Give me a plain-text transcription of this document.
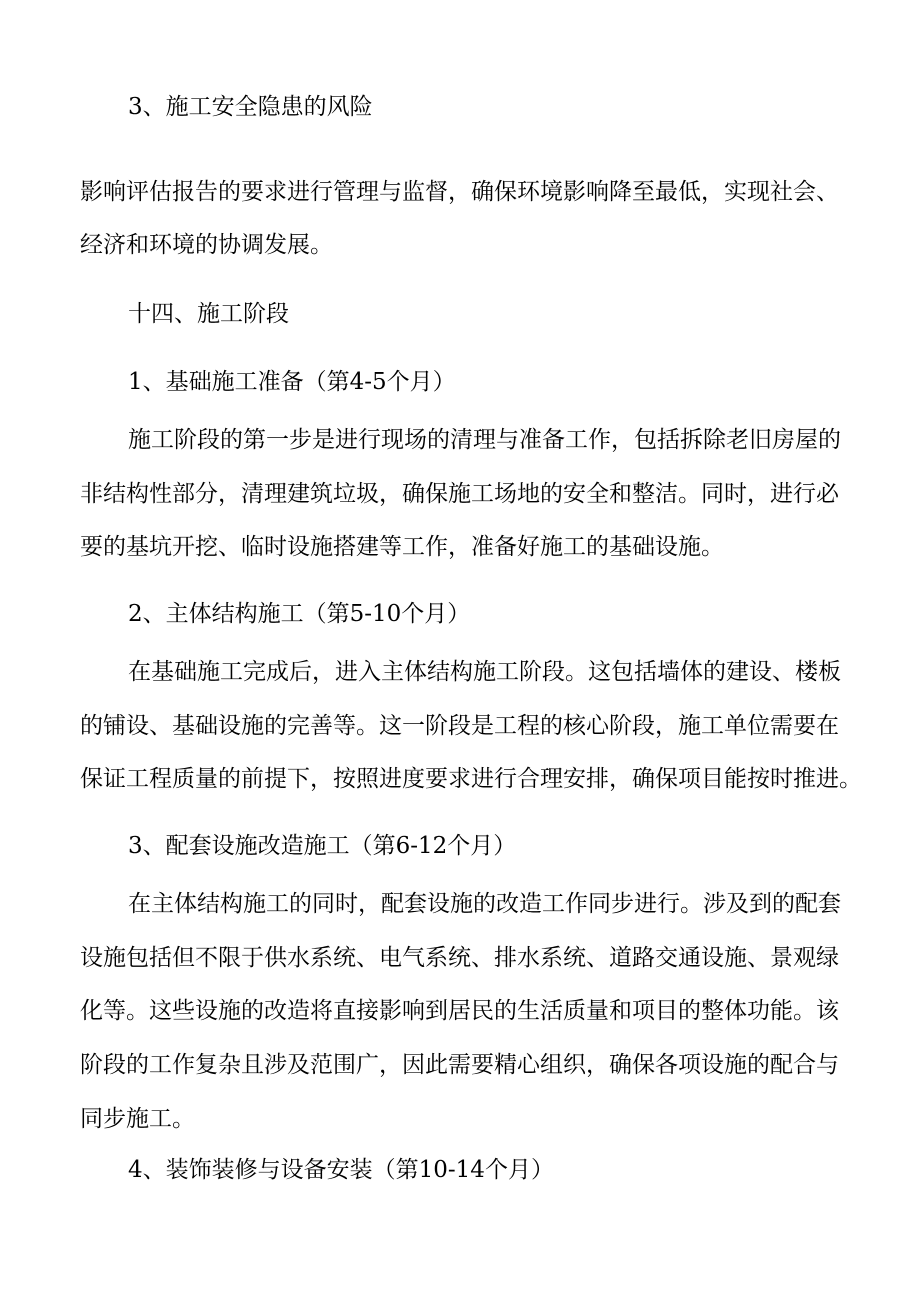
3、施工安全隐患的风险
影响评估报告的要求进行管理与监督，确保环境影响降至最低，实现社会、
经济和环境的协调发展。
十四、施工阶段
1、基础施工准备（第4-5个月）
施工阶段的第一步是进行现场的清理与准备工作，包括拆除老旧房屋的
非结构性部分，清理建筑垃圾，确保施工场地的安全和整洁。同时，进行必
要的基坑开挖、临时设施搭建等工作，准备好施工的基础设施。
2、主体结构施工（第5-10个月）
在基础施工完成后，进入主体结构施工阶段。这包括墙体的建设、楼板
的铺设、基础设施的完善等。这一阶段是工程的核心阶段，施工单位需要在
保证工程质量的前提下，按照进度要求进行合理安排，确保项目能按时推进。
3、配套设施改造施工（第6-12个月）
在主体结构施工的同时，配套设施的改造工作同步进行。涉及到的配套
设施包括但不限于供水系统、电气系统、排水系统、道路交通设施、景观绿
化等。这些设施的改造将直接影响到居民的生活质量和项目的整体功能。该
阶段的工作复杂且涉及范围广，因此需要精心组织，确保各项设施的配合与
同步施工。
4、装饰装修与设备安装（第10-14个月）
